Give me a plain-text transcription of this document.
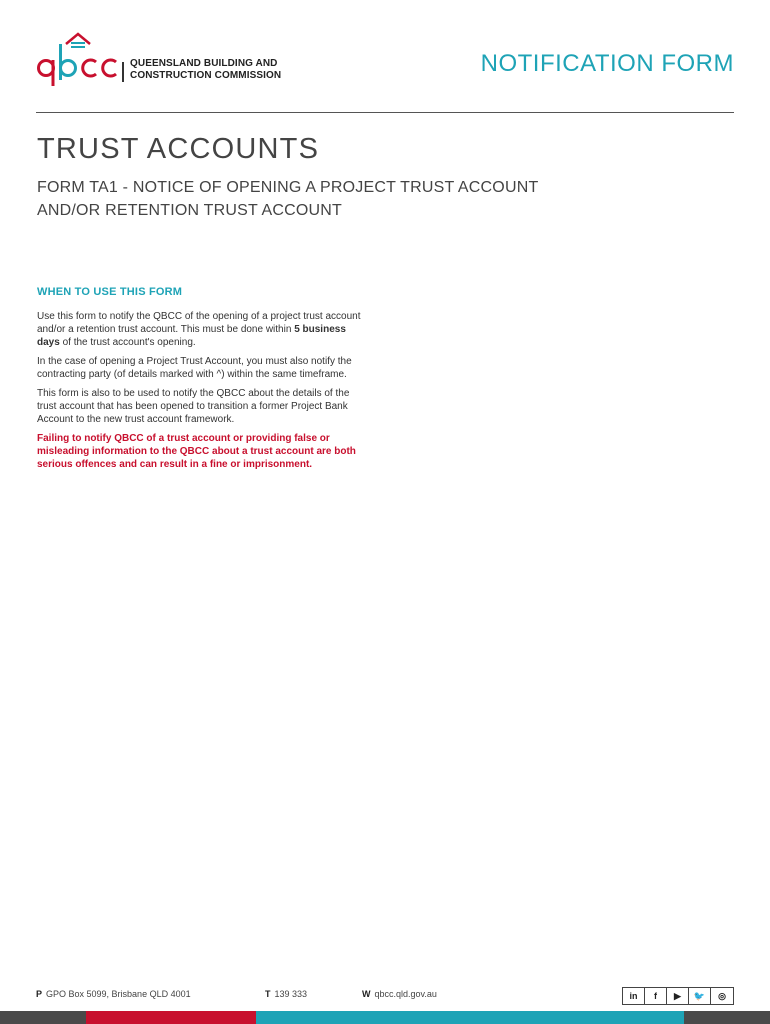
QUEENSLAND BUILDING AND
CONSTRUCTION COMMISSION	NOTIFICATION FORM
TRUST ACCOUNTS
FORM TA1 - NOTICE OF OPENING A PROJECT TRUST ACCOUNT
AND/OR RETENTION TRUST ACCOUNT
WHEN TO USE THIS FORM

Use this form to notify the QBCC of the opening of a project trust account and/or a retention trust account. This must be done within 5 business days of the trust account's opening.

In the case of opening a Project Trust Account, you must also notify the contracting party (of details marked with ^) within the same timeframe.

This form is also to be used to notify the QBCC about the details of the trust account that has been opened to transition a former Project Bank Account to the new trust account framework.

Failing to notify QBCC of a trust account or providing false or misleading information to the QBCC about a trust account are both serious offences and can result in a fine or imprisonment.

P GPO Box 5099, Brisbane QLD 4001	T 139 333	W qbcc.qld.gov.au	in	f	▶	🐦	◎
